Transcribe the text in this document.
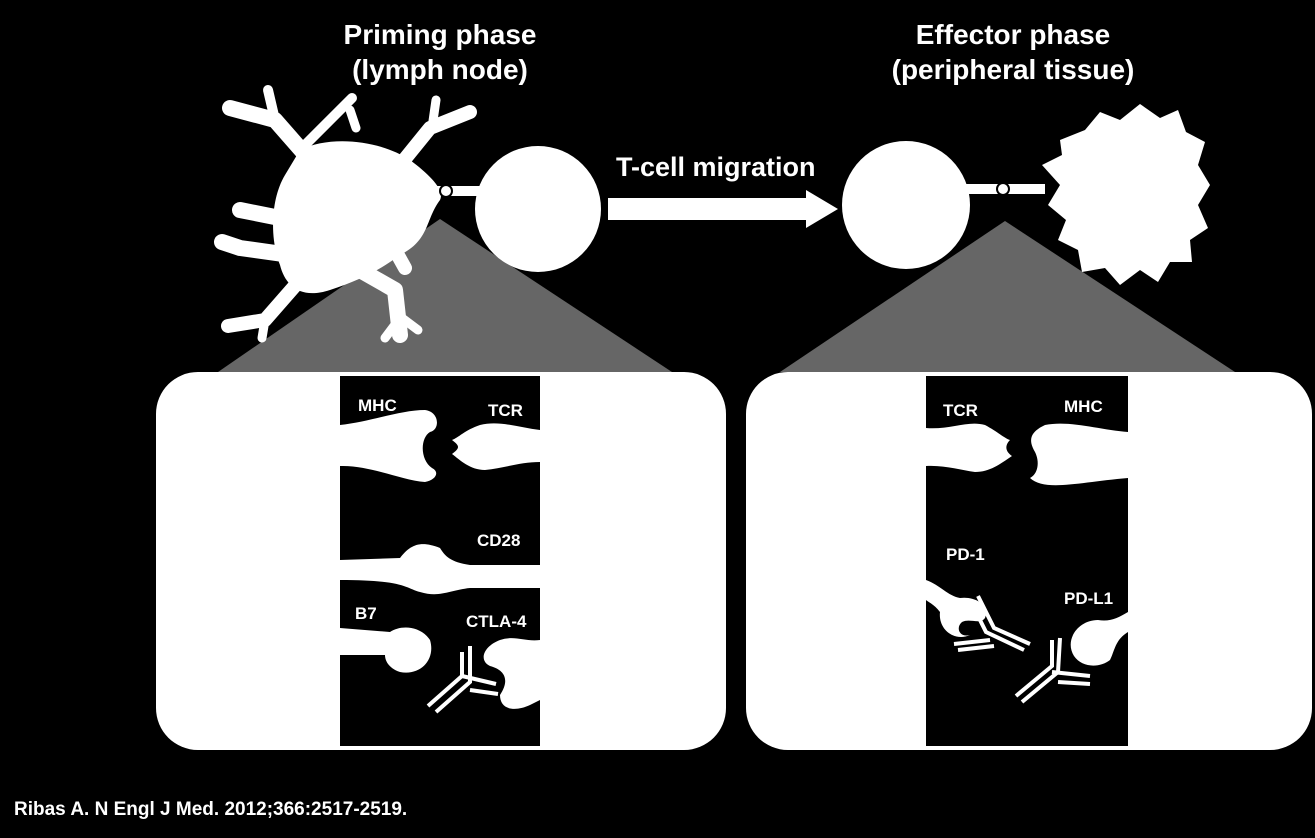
Priming phase
(lymph node)
Effector phase
(peripheral tissue)
T-cell migration
MHC	TCR
CD28
B7	CTLA-4
TCR	MHC
PD-1
PD-L1
Ribas A. N Engl J Med. 2012;366:2517-2519.
